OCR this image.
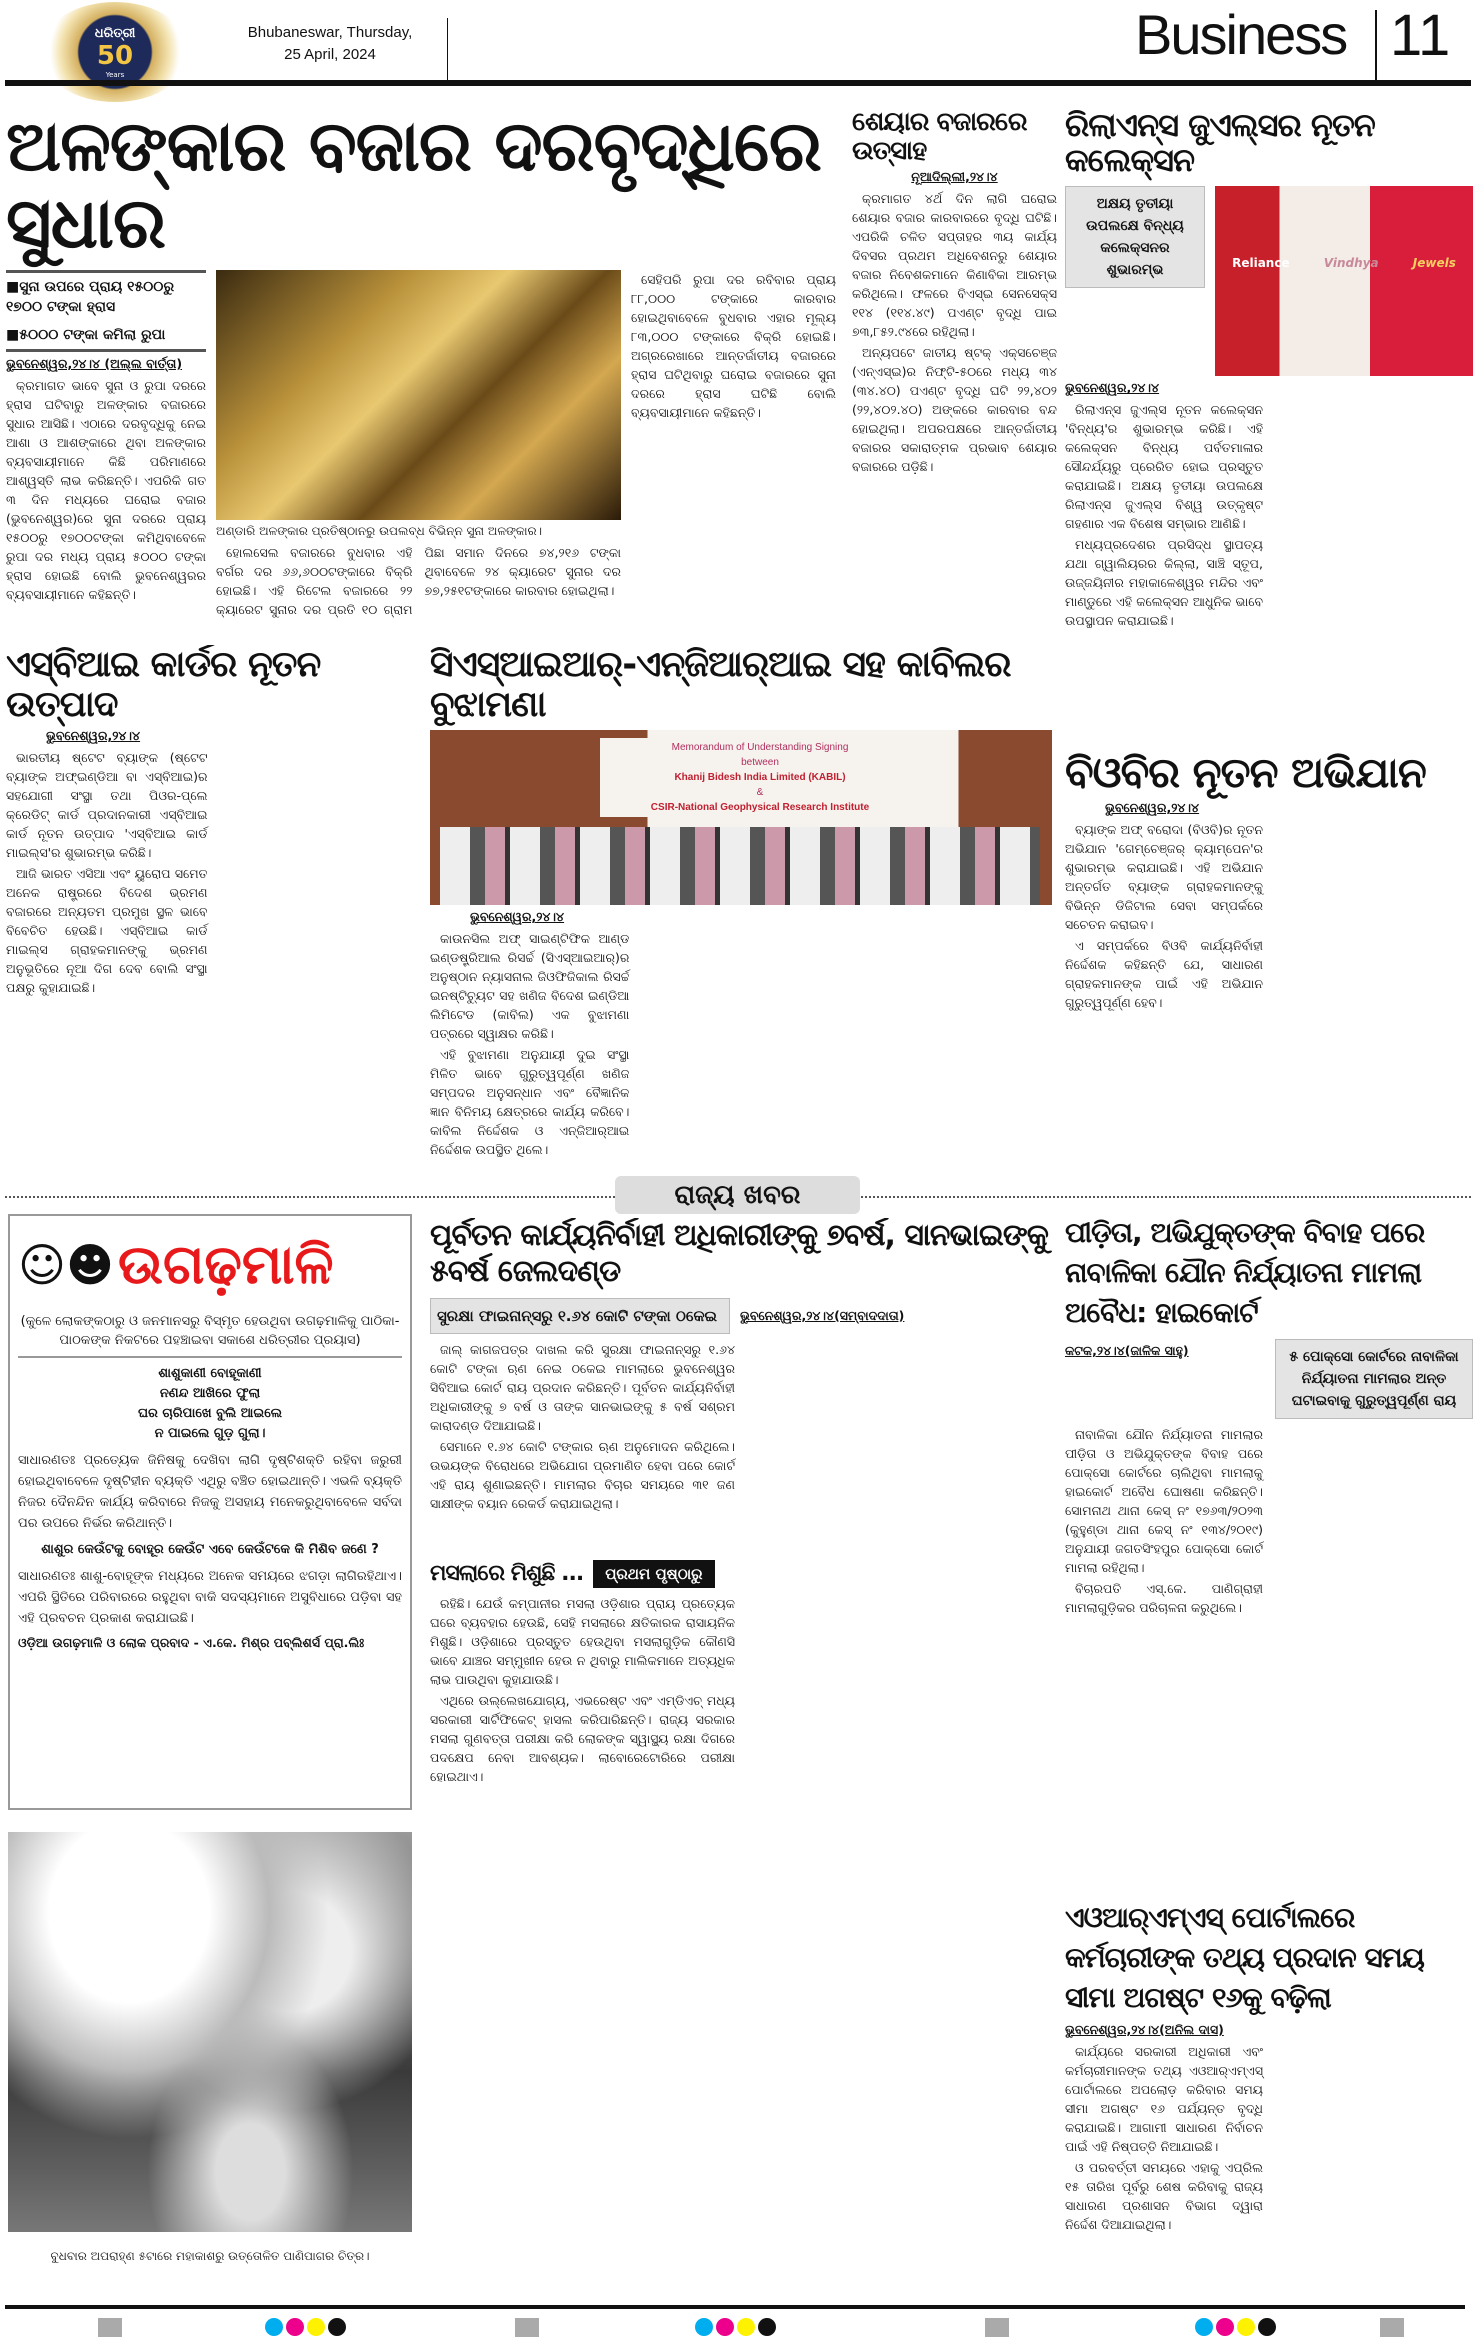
ଧରିତ୍ରୀ
50
Years
Bhubaneswar, Thursday,
25 April, 2024	Business 11
ଅଳଙ୍କାର ବଜାର ଦରବୃଦ୍ଧିରେ ସୁଧାର
■ସୁନା ଉପରେ ପ୍ରାୟ ୧୫୦୦ରୁ ୧୭୦୦ ଟଙ୍କା ହ୍ରାସ
■୫୦୦୦ ଟଙ୍କା କମିଲା ରୁପା
ଭୁବନେଶ୍ୱର,୨୪।୪ (ଅଲ୍ଲ ବାର୍ତ୍ତା)

କ୍ରମାଗତ ଭାବେ ସୁନା ଓ ରୁପା ଦରରେ ହ୍ରାସ ଘଟିବାରୁ ଅଳଙ୍କାର ବଜାରରେ ସୁଧାର ଆସିଛି। ଏଠାରେ ଦରବୃଦ୍ଧିକୁ ନେଇ ଆଶା ଓ ଆଶଙ୍କାରେ ଥିବା ଅଳଙ୍କାର ବ୍ୟବସାୟୀମାନେ କିଛି ପରିମାଣରେ ଆଶ୍ୱସ୍ତି ଲାଭ କରିଛନ୍ତି। ଏପରିକି ଗତ ୩ ଦିନ ମଧ୍ୟରେ ଘରୋଇ ବଜାର (ଭୁବନେଶ୍ୱର)ରେ ସୁନା ଦରରେ ପ୍ରାୟ ୧୫୦୦ରୁ ୧୭୦୦ଟଙ୍କା କମିଥିବାବେଳେ ରୁପା ଦର ମଧ୍ୟ ପ୍ରାୟ ୫୦୦୦ ଟଙ୍କା ହ୍ରାସ ହୋଇଛି ବୋଲି ଭୁବନେଶ୍ୱରର ବ୍ୟବସାୟୀମାନେ କହିଛନ୍ତି।

ଅଣ୍ଡାରି ଅଳଙ୍କାର ପ୍ରତିଷ୍ଠାନରୁ ଉପଲବ୍ଧ ବିଭିନ୍ନ ସୁନା ଅଳଙ୍କାର।

ହୋଲସେଲ ବଜାରରେ ବୁଧବାର ଏହି ବର୍ଗର ଦର ୬୬,୬୦୦ଟଙ୍କାରେ ବିକ୍ରି ହୋଇଛି। ଏହି ରିଟେଲ ବଜାରରେ ୨୨ କ୍ୟାରେଟ ସୁନାର ଦର ପ୍ରତି ୧୦ ଗ୍ରାମ ପିଛା ସମାନ ଦିନରେ ୭୪,୨୧୬ ଟଙ୍କା ଥିବାବେଳେ ୨୪ କ୍ୟାରେଟ ସୁନାର ଦର ୭୭,୨୫୧ଟଙ୍କାରେ କାରବାର ହୋଇଥିଲା।

ସେହିପରି ରୁପା ଦର ରବିବାର ପ୍ରାୟ ୮୮,୦୦୦ ଟଙ୍କାରେ କାରବାର ହୋଇଥିବାବେଳେ ବୁଧବାର ଏହାର ମୂଲ୍ୟ ୮୩,୦୦୦ ଟଙ୍କାରେ ବିକ୍ରି ହୋଇଛି। ଅଗ୍ରରେଖାରେ ଆନ୍ତର୍ଜାତୀୟ ବଜାରରେ ହ୍ରାସ ଘଟିଥିବାରୁ ଘରୋଇ ବଜାରରେ ସୁନା ଦରରେ ହ୍ରାସ ଘଟିଛି ବୋଲି ବ୍ୟବସାୟୀମାନେ କହିଛନ୍ତି।

ଶେୟାର ବଜାରରେ ଉତ୍ସାହ
ନୂଆଦିଲ୍ଲୀ,୨୪।୪

କ୍ରମାଗତ ୪ର୍ଥ ଦିନ ଲାଗି ଘରୋଇ ଶେୟାର ବଜାର କାରବାରରେ ବୃଦ୍ଧି ଘଟିଛି। ଏପରିକି ଚଳିତ ସପ୍ତାହର ୩ୟ କାର୍ଯ୍ୟ ଦିବସର ପ୍ରଥମ ଅଧିବେଶନରୁ ଶେୟାର ବଜାର ନିବେଶକମାନେ କିଣାବିକା ଆରମ୍ଭ କରିଥିଲେ। ଫଳରେ ବିଏସ୍‌ଇ ସେନସେକ୍ସ ୧୧୪ (୧୧୪.୪୯) ପଏଣ୍ଟ ବୃଦ୍ଧି ପାଇ ୭୩,୮୫୨.୯୪ରେ ରହିଥିଲା।

ଅନ୍ୟପଟେ ଜାତୀୟ ଷ୍ଟକ୍‌ ଏକ୍ସଚେଞ୍ଜ (ଏନ୍‌ଏସ୍‌ଇ)ର ନିଫ୍ଟି-୫୦ରେ ମଧ୍ୟ ୩୪ (୩୪.୪୦) ପଏଣ୍ଟ ବୃଦ୍ଧି ଘଟି ୨୨,୪୦୨ (୨୨,୪୦୨.୪୦) ଅଙ୍କରେ କାରବାର ବନ୍ଦ ହୋଇଥିଲା। ଅପରପକ୍ଷରେ ଆନ୍ତର୍ଜାତୀୟ ବଜାରର ସକାରାତ୍ମକ ପ୍ରଭାବ ଶେୟାର ବଜାରରେ ପଡ଼ିଛି।

ରିଲାଏନ୍ସ ଜୁଏଲ୍ସର ନୂତନ କଲେକ୍ସନ
ଅକ୍ଷୟ ତୃତୀୟା ଉପଲକ୍ଷେ ବିନ୍ଧ୍ୟ କଲେକ୍ସନର ଶୁଭାରମ୍ଭ	Reliance	Vindhya	Jewels
ଭୁବନେଶ୍ୱର,୨୪।୪

ରିଲାଏନ୍ସ ଜୁଏଲ୍ସ ନୂତନ କଲେକ୍ସନ 'ବିନ୍ଧ୍ୟ'ର ଶୁଭାରମ୍ଭ କରିଛି। ଏହି କଲେକ୍ସନ ବିନ୍ଧ୍ୟ ପର୍ବତମାଳାର ସୌନ୍ଦର୍ଯ୍ୟରୁ ପ୍ରେରିତ ହୋଇ ପ୍ରସ୍ତୁତ କରାଯାଇଛି। ଅକ୍ଷୟ ତୃତୀୟା ଉପଲକ୍ଷେ ରିଲାଏନ୍ସ ଜୁଏଲ୍ସ ବିଶ୍ୱ ଉତ୍କୃଷ୍ଟ ଗହଣାର ଏକ ବିଶେଷ ସମ୍ଭାର ଆଣିଛି।

ମଧ୍ୟପ୍ରଦେଶର ପ୍ରସିଦ୍ଧ ସ୍ଥାପତ୍ୟ ଯଥା ଗ୍ୱାଲିୟରର କିଲ୍ଲା, ସାଞ୍ଚି ସ୍ତୂପ, ଉଜ୍ଜୟିନୀର ମହାକାଳେଶ୍ୱର ମନ୍ଦିର ଏବଂ ମାଣ୍ଡୁରେ ଏହି କଲେକ୍ସନ ଆଧୁନିକ ଭାବେ ଉପସ୍ଥାପନ କରାଯାଇଛି।

ଏସ୍‌ବିଆଇ କାର୍ଡର ନୂତନ ଉତ୍ପାଦ
ଭୁବନେଶ୍ୱର,୨୪।୪

ଭାରତୀୟ ଷ୍ଟେଟ ବ୍ୟାଙ୍କ (ଷ୍ଟେଟ ବ୍ୟାଙ୍କ ଅଫ୍‌ଇଣ୍ଡିଆ ବା ଏସ୍‌ବିଆଇ)ର ସହଯୋଗୀ ସଂସ୍ଥା ତଥା ପିଓର-ପ୍ଲେ କ୍ରେଡିଟ୍‌ କାର୍ଡ ପ୍ରଦାନକାରୀ ଏସ୍‌ବିଆଇ କାର୍ଡ ନୂତନ ଉତ୍ପାଦ 'ଏସ୍‌ବିଆଇ କାର୍ଡ ମାଇଲ୍ସ'ର ଶୁଭାରମ୍ଭ କରିଛି।

ଆଜି ଭାରତ ଏସିଆ ଏବଂ ୟୁରୋପ ସମେତ ଅନେକ ରାଷ୍ଟ୍ରରେ ବିଦେଶ ଭ୍ରମଣ ବଜାରରେ ଅନ୍ୟତମ ପ୍ରମୁଖ ସ୍ଥଳ ଭାବେ ବିବେଚିତ ହେଉଛି। ଏସ୍‌ବିଆଇ କାର୍ଡ ମାଇଲ୍ସ ଗ୍ରାହକମାନଙ୍କୁ ଭ୍ରମଣ ଅନୁଭୂତିରେ ନୂଆ ଦିଗ ଦେବ ବୋଲି ସଂସ୍ଥା ପକ୍ଷରୁ କୁହାଯାଇଛି।

ସିଏସ୍‌ଆଇଆର୍-ଏନ୍‌ଜିଆର୍‌ଆଇ ସହ କାବିଲର ବୁଝାମଣା
Memorandum of Understanding Signing
between
Khanij Bidesh India Limited (KABIL)
&
CSIR-National Geophysical Research Institute
ଭୁବନେଶ୍ୱର,୨୪।୪

କାଉନସିଲ ଅଫ୍ ସାଇଣ୍ଟିଫିକ ଆଣ୍ଡ ଇଣ୍ଡଷ୍ଟ୍ରିଆଲ ରିସର୍ଚ୍ଚ (ସିଏସ୍‌ଆଇଆର୍)ର ଅନୁଷ୍ଠାନ ନ୍ୟାସନାଲ ଜିଓଫିଜିକାଲ ରିସର୍ଚ୍ଚ ଇନଷ୍ଟିଚ୍ୟୁଟ ସହ ଖଣିଜ ବିଦେଶ ଇଣ୍ଡିଆ ଲିମିଟେଡ (କାବିଲ) ଏକ ବୁଝାମଣା ପତ୍ରରେ ସ୍ୱାକ୍ଷର କରିଛି।

ଏହି ବୁଝାମଣା ଅନୁଯାୟୀ ଦୁଇ ସଂସ୍ଥା ମିଳିତ ଭାବେ ଗୁରୁତ୍ୱପୂର୍ଣ୍ଣ ଖଣିଜ ସମ୍ପଦର ଅନୁସନ୍ଧାନ ଏବଂ ବୈଜ୍ଞାନିକ ଜ୍ଞାନ ବିନିମୟ କ୍ଷେତ୍ରରେ କାର୍ଯ୍ୟ କରିବେ। କାବିଲ ନିର୍ଦ୍ଦେଶକ ଓ ଏନ୍‌ଜିଆର୍‌ଆଇ ନିର୍ଦ୍ଦେଶକ ଉପସ୍ଥିତ ଥିଲେ।

ବିଓବିର ନୂତନ ଅଭିଯାନ
ଭୁବନେଶ୍ୱର,୨୪।୪

ବ୍ୟାଙ୍କ ଅଫ୍ ବରୋଦା (ବିଓବି)ର ନୂତନ ଅଭିଯାନ 'ଗେମ୍‌ଚେଞ୍ଜର୍ କ୍ୟାମ୍ପେନ'ର ଶୁଭାରମ୍ଭ କରାଯାଇଛି। ଏହି ଅଭିଯାନ ଅନ୍ତର୍ଗତ ବ୍ୟାଙ୍କ ଗ୍ରାହକମାନଙ୍କୁ ବିଭିନ୍ନ ଡିଜିଟାଲ ସେବା ସମ୍ପର୍କରେ ସଚେତନ କରାଇବ।

ଏ ସମ୍ପର୍କରେ ବିଓବି କାର୍ଯ୍ୟନିର୍ବାହୀ ନିର୍ଦ୍ଦେଶକ କହିଛନ୍ତି ଯେ, ସାଧାରଣ ଗ୍ରାହକମାନଙ୍କ ପାଇଁ ଏହି ଅଭିଯାନ ଗୁରୁତ୍ୱପୂର୍ଣ୍ଣ ହେବ।

ରାଜ୍ୟ ଖବର
☺☻ ଉଗଢ଼ମାଳି
(କୁଳେ ଲୋକଙ୍କଠାରୁ ଓ ଜନମାନସରୁ ବିସ୍ମୃତ ହେଉଥିବା ଉଗଢ଼ମାଳିକୁ ପାଠିକା-ପାଠକଙ୍କ ନିକଟରେ ପହଞ୍ଚାଇବା ସକାଶେ ଧରିତ୍ରୀର ପ୍ରୟାସ)
ଶାଶୁକାଣୀ ବୋହୂକାଣୀ
ନଣନ୍ଦ ଆଖିରେ ଫୁଲା
ଘର ଚାରିପାଖେ ବୁଲି ଆଇଲେ
ନ ପାଇଲେ ଗୁଡ଼ ଗୁଲା।

ସାଧାରଣତଃ ପ୍ରତ୍ୟେକ ଜିନିଷକୁ ଦେଖିବା ଲାଗି ଦୃଷ୍ଟିଶକ୍ତି ରହିବା ଜରୁରୀ ହୋଇଥିବାବେଳେ ଦୃଷ୍ଟିହୀନ ବ୍ୟକ୍ତି ଏଥିରୁ ବଞ୍ଚିତ ହୋଇଥାନ୍ତି। ଏଭଳି ବ୍ୟକ୍ତି ନିଜର ଦୈନନ୍ଦିନ କାର୍ଯ୍ୟ କରିବାରେ ନିଜକୁ ଅସହାୟ ମନେକରୁଥିବାବେଳେ ସର୍ବଦା ପର ଉପରେ ନିର୍ଭର କରିଥାନ୍ତି।

ଶାଶୁର କେଉଁଟକୁ ବୋହୂର କେଉଁଟ ଏବେ କେଉଁଟକେ କି ମିଶିବ ଜଣେ ?

ସାଧାରଣତଃ ଶାଶୁ-ବୋହୂଙ୍କ ମଧ୍ୟରେ ଅନେକ ସମୟରେ ଝଗଡ଼ା ଲାଗିରହିଥାଏ। ଏପରି ସ୍ଥିତିରେ ପରିବାରରେ ରହୁଥିବା ବାକି ସଦସ୍ୟମାନେ ଅସୁବିଧାରେ ପଡ଼ିବା ସହ ଏହି ପ୍ରବଚନ ପ୍ରକାଶ କରାଯାଇଛି।

ଓଡ଼ିଆ ଉଗଢ଼ମାଳି ଓ ଲୋକ ପ୍ରବାଦ - ଏ.କେ. ମିଶ୍ର ପବ୍ଲିଶର୍ସ ପ୍ରା.ଲିଃ
ବୁଧବାର ଅପରାହ୍ଣ ୫ଟାରେ ମହାକାଶରୁ ଉତ୍ତୋଳିତ ପାଣିପାଗର ଚିତ୍ର।
ପୂର୍ବତନ କାର୍ଯ୍ୟନିର୍ବାହୀ ଅଧିକାରୀଙ୍କୁ ୭ବର୍ଷ, ସାନଭାଇଙ୍କୁ ୫ବର୍ଷ ଜେଲଦଣ୍ଡ
ସୁରକ୍ଷା ଫାଇନାନ୍ସରୁ ୧.୬୪ କୋଟି ଟଙ୍କା ଠକେଇ	ଭୁବନେଶ୍ୱର,୨୪।୪(ସମ୍ବାଦଦାତା)

ଜାଲ୍ କାଗଜପତ୍ର ଦାଖଲ କରି ସୁରକ୍ଷା ଫାଇନାନ୍ସରୁ ୧.୬୪ କୋଟି ଟଙ୍କା ଋଣ ନେଇ ଠକେଇ ମାମଲାରେ ଭୁବନେଶ୍ୱର ସିବିଆଇ କୋର୍ଟ ରାୟ ପ୍ରଦାନ କରିଛନ୍ତି। ପୂର୍ବତନ କାର୍ଯ୍ୟନିର୍ବାହୀ ଅଧିକାରୀଙ୍କୁ ୭ ବର୍ଷ ଓ ତାଙ୍କ ସାନଭାଇଙ୍କୁ ୫ ବର୍ଷ ସଶ୍ରମ କାରାଦଣ୍ଡ ଦିଆଯାଇଛି।

ସେମାନେ ୧.୬୪ କୋଟି ଟଙ୍କାର ଋଣ ଅନୁମୋଦନ କରିଥିଲେ। ଉଭୟଙ୍କ ବିରୋଧରେ ଅଭିଯୋଗ ପ୍ରମାଣିତ ହେବା ପରେ କୋର୍ଟ ଏହି ରାୟ ଶୁଣାଇଛନ୍ତି। ମାମଲାର ବିଚାର ସମୟରେ ୩୧ ଜଣ ସାକ୍ଷୀଙ୍କ ବୟାନ ରେକର୍ଡ କରାଯାଇଥିଲା।

ମସଲାରେ ମିଶୁଛି ...	ପ୍ରଥମ ପୃଷ୍ଠାରୁ

ରହିଛି। ଯେଉଁ କମ୍ପାନୀର ମସଲା ଓଡ଼ିଶାର ପ୍ରାୟ ପ୍ରତ୍ୟେକ ଘରେ ବ୍ୟବହାର ହେଉଛି, ସେହି ମସଲାରେ କ୍ଷତିକାରକ ରାସାୟନିକ ମିଶୁଛି। ଓଡ଼ିଶାରେ ପ୍ରସ୍ତୁତ ହେଉଥିବା ମସଲାଗୁଡ଼ିକ କୌଣସି ଭାବେ ଯାଞ୍ଚର ସମ୍ମୁଖୀନ ହେଉ ନ ଥିବାରୁ ମାଲିକମାନେ ଅତ୍ୟଧିକ ଲାଭ ପାଉଥିବା କୁହାଯାଉଛି।

ଏଥିରେ ଉଲ୍ଲେଖଯୋଗ୍ୟ, ଏଭରେଷ୍ଟ ଏବଂ ଏମ୍‌ଡିଏଚ୍ ମଧ୍ୟ ସରକାରୀ ସାର୍ଟିଫିକେଟ୍ ହାସଲ କରିପାରିଛନ୍ତି। ରାଜ୍ୟ ସରକାର ମସଲା ଗୁଣବତ୍ତା ପରୀକ୍ଷା କରି ଲୋକଙ୍କ ସ୍ୱାସ୍ଥ୍ୟ ରକ୍ଷା ଦିଗରେ ପଦକ୍ଷେପ ନେବା ଆବଶ୍ୟକ। ଲାବୋରେଟୋରିରେ ପରୀକ୍ଷା ହୋଇଥାଏ।

ପୀଡ଼ିତା, ଅଭିଯୁକ୍ତଙ୍କ ବିବାହ ପରେ ନାବାଳିକା ଯୌନ ନିର୍ଯ୍ୟାତନା ମାମଲା ଅବୈଧ: ହାଇକୋର୍ଟ
କଟକ,୨୪।୪(ଜାଳିକ ସାହୁ)	୫ ପୋକ୍‌ସୋ କୋର୍ଟରେ ନାବାଳିକା ନିର୍ଯ୍ୟାତନା ମାମଲାର ଅନ୍ତ ଘଟାଇବାକୁ ଗୁରୁତ୍ୱପୂର୍ଣ୍ଣ ରାୟ

ନାବାଳିକା ଯୌନ ନିର୍ଯ୍ୟାତନା ମାମଲାର ପୀଡ଼ିତା ଓ ଅଭିଯୁକ୍ତଙ୍କ ବିବାହ ପରେ ପୋକ୍‌ସୋ କୋର୍ଟରେ ଚାଲିଥିବା ମାମଲାକୁ ହାଇକୋର୍ଟ ଅବୈଧ ଘୋଷଣା କରିଛନ୍ତି। ସୋମନାଥ ଥାନା କେସ୍ ନଂ ୧୭୬୩/୨୦୨୩ (କୁହୁଣ୍ଡା ଥାନା କେସ୍ ନଂ ୧୩୪/୨୦୧୯) ଅନୁଯାୟୀ ଜଗତସିଂହପୁର ପୋକ୍‌ସୋ କୋର୍ଟ ମାମଲା ରହିଥିଲା।

ବିଚାରପତି ଏସ୍‌.କେ. ପାଣିଗ୍ରାହୀ ମାମଲାଗୁଡ଼ିକର ପରିଚାଳନା କରୁଥିଲେ।

ଏଓଆର୍‌ଏମ୍‌ଏସ୍ ପୋର୍ଟାଲରେ କର୍ମଚାରୀଙ୍କ ତଥ୍ୟ ପ୍ରଦାନ ସମୟ ସୀମା ଅଗଷ୍ଟ ୧୬କୁ ବଢ଼ିଲା
ଭୁବନେଶ୍ୱର,୨୪।୪(ଅନିଲ ଦାସ)

କାର୍ଯ୍ୟରେ ସରକାରୀ ଅଧିକାରୀ ଏବଂ କର୍ମଚାରୀମାନଙ୍କ ତଥ୍ୟ ଏଓଆର୍‌ଏମ୍‌ଏସ୍ ପୋର୍ଟାଲରେ ଅପଲୋଡ଼ କରିବାର ସମୟ ସୀମା ଅଗଷ୍ଟ ୧୬ ପର୍ଯ୍ୟନ୍ତ ବୃଦ୍ଧି କରାଯାଇଛି। ଆଗାମୀ ସାଧାରଣ ନିର୍ବାଚନ ପାଇଁ ଏହି ନିଷ୍ପତ୍ତି ନିଆଯାଇଛି।

ଓ ପରବର୍ତ୍ତୀ ସମୟରେ ଏହାକୁ ଏପ୍ରିଲ ୧୫ ତାରିଖ ପୂର୍ବରୁ ଶେଷ କରିବାକୁ ରାଜ୍ୟ ସାଧାରଣ ପ୍ରଶାସନ ବିଭାଗ ଦ୍ୱାରା ନିର୍ଦ୍ଦେଶ ଦିଆଯାଇଥିଲା।
